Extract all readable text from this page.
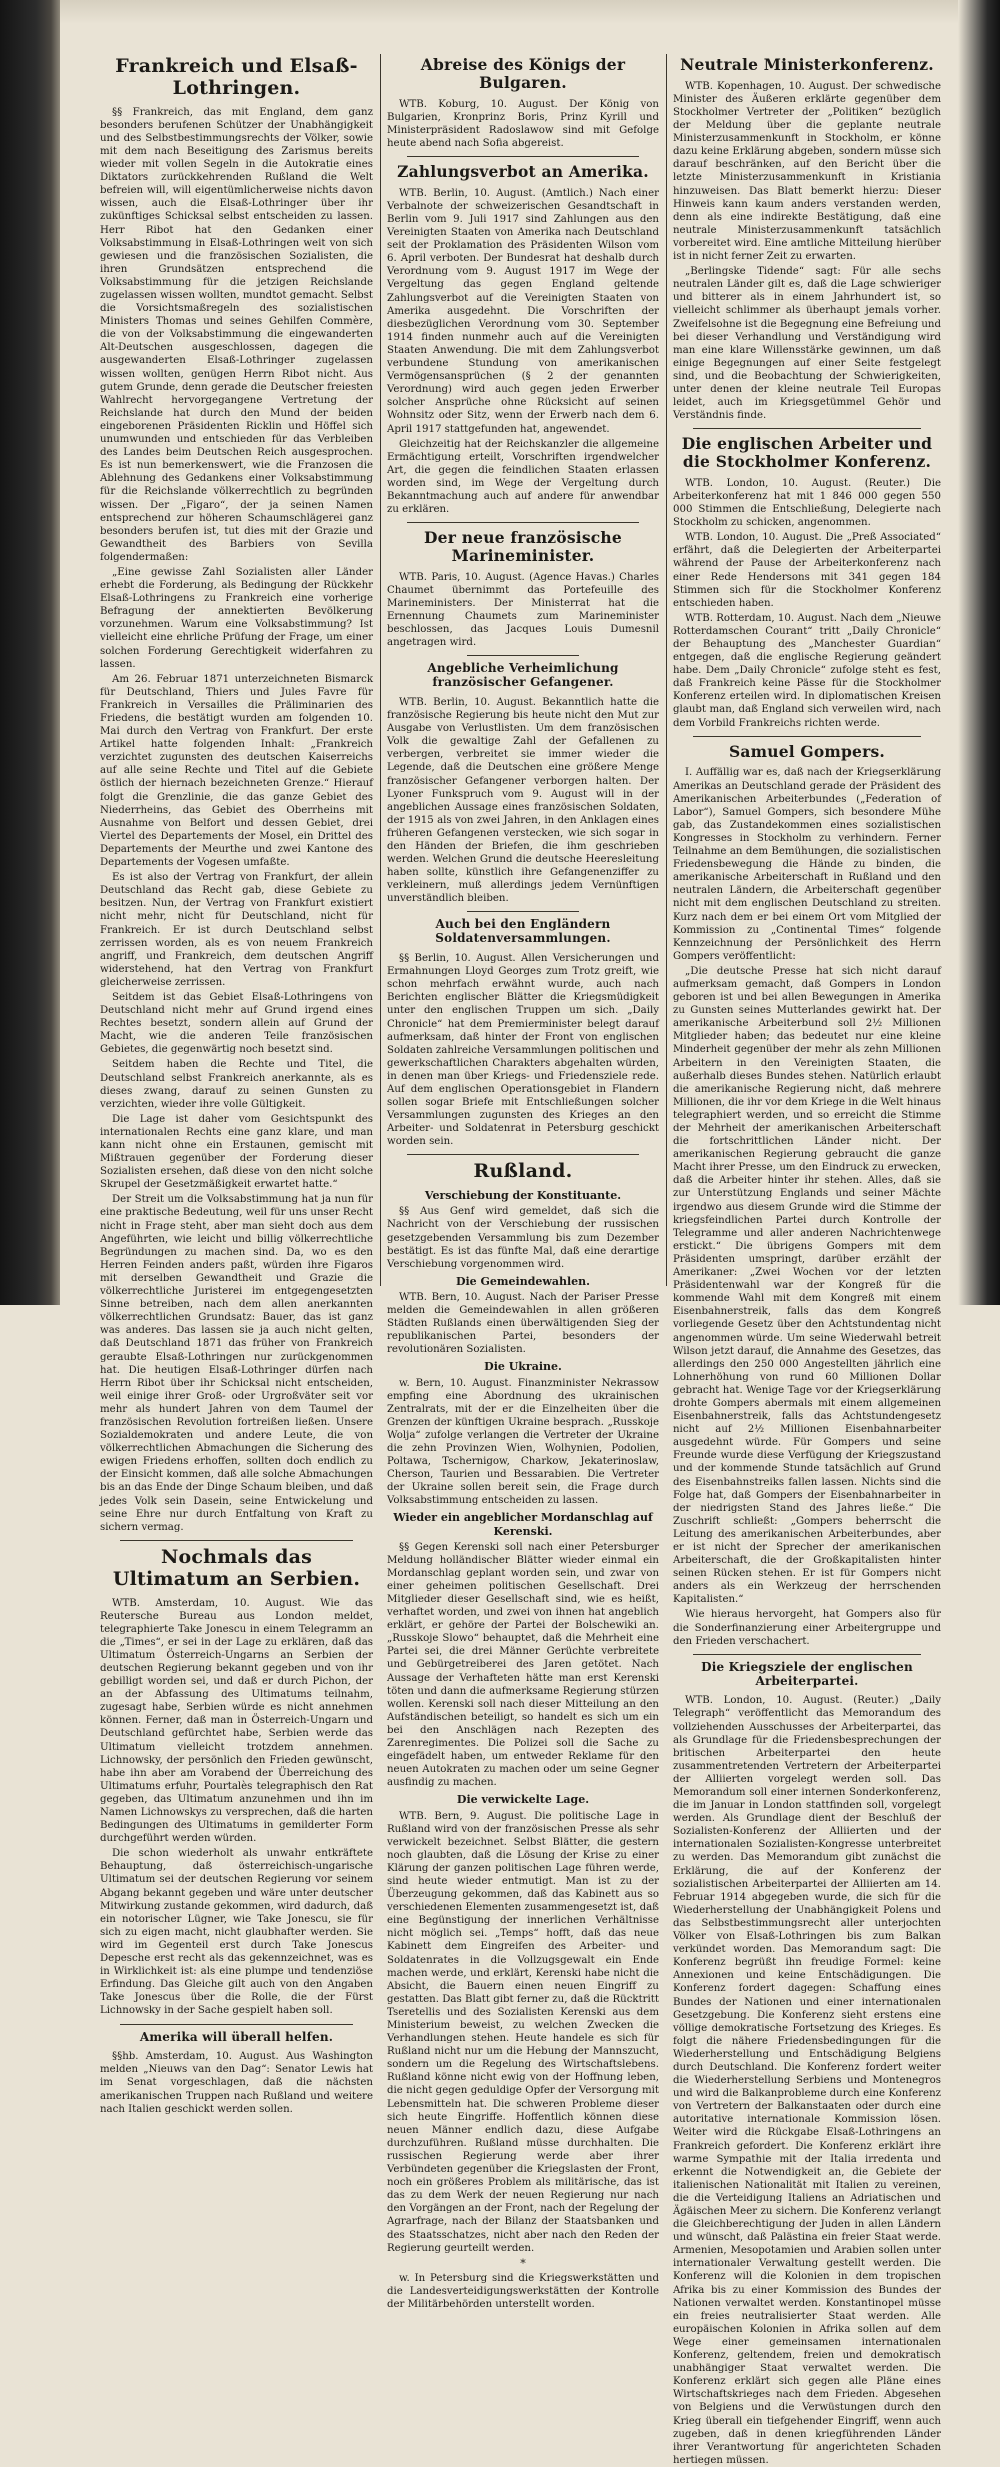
Frankreich und Elsaß-Lothringen.

§§ Frankreich, das mit England, dem ganz besonders berufenen Schützer der Unabhängigkeit und des Selbstbestimmungsrechts der Völker, sowie mit dem nach Beseitigung des Zarismus bereits wieder mit vollen Segeln in die Autokratie eines Diktators zurückkehrenden Rußland die Welt befreien will, will eigentümlicherweise nichts davon wissen, auch die Elsaß-Lothringer über ihr zukünftiges Schicksal selbst entscheiden zu lassen. Herr Ribot hat den Gedanken einer Volksabstimmung in Elsaß-Lothringen weit von sich gewiesen und die französischen Sozialisten, die ihren Grundsätzen entsprechend die Volksabstimmung für die jetzigen Reichslande zugelassen wissen wollten, mundtot gemacht. Selbst die Vorsichtsmaßregeln des sozialistischen Ministers Thomas und seines Gehilfen Commère, die von der Volksabstimmung die eingewanderten Alt-Deutschen ausgeschlossen, dagegen die ausgewanderten Elsaß-Lothringer zugelassen wissen wollten, genügen Herrn Ribot nicht. Aus gutem Grunde, denn gerade die Deutscher freiesten Wahlrecht hervorgegangene Vertretung der Reichslande hat durch den Mund der beiden eingeborenen Präsidenten Ricklin und Höffel sich unumwunden und entschieden für das Verbleiben des Landes beim Deutschen Reich ausgesprochen. Es ist nun bemerkenswert, wie die Franzosen die Ablehnung des Gedankens einer Volksabstimmung für die Reichslande völkerrechtlich zu begründen wissen. Der „Figaro“, der ja seinen Namen entsprechend zur höheren Schaumschlägerei ganz besonders berufen ist, tut dies mit der Grazie und Gewandtheit des Barbiers von Sevilla folgendermaßen:

„Eine gewisse Zahl Sozialisten aller Länder erhebt die Forderung, als Bedingung der Rückkehr Elsaß-Lothringens zu Frankreich eine vorherige Befragung der annektierten Bevölkerung vorzunehmen. Warum eine Volksabstimmung? Ist vielleicht eine ehrliche Prüfung der Frage, um einer solchen Forderung Gerechtigkeit widerfahren zu lassen.

Am 26. Februar 1871 unterzeichneten Bismarck für Deutschland, Thiers und Jules Favre für Frankreich in Versailles die Präliminarien des Friedens, die bestätigt wurden am folgenden 10. Mai durch den Vertrag von Frankfurt. Der erste Artikel hatte folgenden Inhalt: „Frankreich verzichtet zugunsten des deutschen Kaiserreichs auf alle seine Rechte und Titel auf die Gebiete östlich der hiernach bezeichneten Grenze.“ Hierauf folgt die Grenzlinie, die das ganze Gebiet des Niederrheins, das Gebiet des Oberrheins mit Ausnahme von Belfort und dessen Gebiet, drei Viertel des Departements der Mosel, ein Drittel des Departements der Meurthe und zwei Kantone des Departements der Vogesen umfaßte.

Es ist also der Vertrag von Frankfurt, der allein Deutschland das Recht gab, diese Gebiete zu besitzen. Nun, der Vertrag von Frankfurt existiert nicht mehr, nicht für Deutschland, nicht für Frankreich. Er ist durch Deutschland selbst zerrissen worden, als es von neuem Frankreich angriff, und Frankreich, dem deutschen Angriff widerstehend, hat den Vertrag von Frankfurt gleicherweise zerrissen.

Seitdem ist das Gebiet Elsaß-Lothringens von Deutschland nicht mehr auf Grund irgend eines Rechtes besetzt, sondern allein auf Grund der Macht, wie die anderen Teile französischen Gebietes, die gegenwärtig noch besetzt sind.

Seitdem haben die Rechte und Titel, die Deutschland selbst Frankreich anerkannte, als es dieses zwang, darauf zu seinen Gunsten zu verzichten, wieder ihre volle Gültigkeit.

Die Lage ist daher vom Gesichtspunkt des internationalen Rechts eine ganz klare, und man kann nicht ohne ein Erstaunen, gemischt mit Mißtrauen gegenüber der Forderung dieser Sozialisten ersehen, daß diese von den nicht solche Skrupel der Gesetzmäßigkeit erwartet hatte.“

Der Streit um die Volksabstimmung hat ja nun für eine praktische Bedeutung, weil für uns unser Recht nicht in Frage steht, aber man sieht doch aus dem Angeführten, wie leicht und billig völkerrechtliche Begründungen zu machen sind. Da, wo es den Herren Feinden anders paßt, würden ihre Figaros mit derselben Gewandtheit und Grazie die völkerrechtliche Juristerei im entgegengesetzten Sinne betreiben, nach dem allen anerkannten völkerrechtlichen Grundsatz: Bauer, das ist ganz was anderes. Das lassen sie ja auch nicht gelten, daß Deutschland 1871 das früher von Frankreich geraubte Elsaß-Lothringen nur zurückgenommen hat. Die heutigen Elsaß-Lothringer dürfen nach Herrn Ribot über ihr Schicksal nicht entscheiden, weil einige ihrer Groß- oder Urgroßväter seit vor mehr als hundert Jahren von dem Taumel der französischen Revolution fortreißen ließen. Unsere Sozialdemokraten und andere Leute, die von völkerrechtlichen Abmachungen die Sicherung des ewigen Friedens erhoffen, sollten doch endlich zu der Einsicht kommen, daß alle solche Abmachungen bis an das Ende der Dinge Schaum bleiben, und daß jedes Volk sein Dasein, seine Entwickelung und seine Ehre nur durch Entfaltung von Kraft zu sichern vermag.

Nochmals das Ultimatum an Serbien.

WTB. Amsterdam, 10. August. Wie das Reutersche Bureau aus London meldet, telegraphierte Take Jonescu in einem Telegramm an die „Times“, er sei in der Lage zu erklären, daß das Ultimatum Österreich-Ungarns an Serbien der deutschen Regierung bekannt gegeben und von ihr gebilligt worden sei, und daß er durch Pichon, der an der Abfassung des Ultimatums teilnahm, zugesagt habe, Serbien würde es nicht annehmen können. Ferner, daß man in Österreich-Ungarn und Deutschland gefürchtet habe, Serbien werde das Ultimatum vielleicht trotzdem annehmen. Lichnowsky, der persönlich den Frieden gewünscht, habe ihn aber am Vorabend der Überreichung des Ultimatums erfuhr, Pourtalès telegraphisch den Rat gegeben, das Ultimatum anzunehmen und ihn im Namen Lichnowskys zu versprechen, daß die harten Bedingungen des Ultimatums in gemilderter Form durchgeführt werden würden.

Die schon wiederholt als unwahr entkräftete Behauptung, daß österreichisch-ungarische Ultimatum sei der deutschen Regierung vor seinem Abgang bekannt gegeben und wäre unter deutscher Mitwirkung zustande gekommen, wird dadurch, daß ein notorischer Lügner, wie Take Jonescu, sie für sich zu eigen macht, nicht glaubhafter werden. Sie wird im Gegenteil erst durch Take Jonescus Depesche erst recht als das gekennzeichnet, was es in Wirklichkeit ist: als eine plumpe und tendenziöse Erfindung. Das Gleiche gilt auch von den Angaben Take Jonescus über die Rolle, die der Fürst Lichnowsky in der Sache gespielt haben soll.

Amerika will überall helfen.

§§hb. Amsterdam, 10. August. Aus Washington melden „Nieuws van den Dag“: Senator Lewis hat im Senat vorgeschlagen, daß die nächsten amerikanischen Truppen nach Rußland und weitere nach Italien geschickt werden sollen.

Abreise des Königs der Bulgaren.

WTB. Koburg, 10. August. Der König von Bulgarien, Kronprinz Boris, Prinz Kyrill und Ministerpräsident Radoslawow sind mit Gefolge heute abend nach Sofia abgereist.

Zahlungsverbot an Amerika.

WTB. Berlin, 10. August. (Amtlich.) Nach einer Verbalnote der schweizerischen Gesandtschaft in Berlin vom 9. Juli 1917 sind Zahlungen aus den Vereinigten Staaten von Amerika nach Deutschland seit der Proklamation des Präsidenten Wilson vom 6. April verboten. Der Bundesrat hat deshalb durch Verordnung vom 9. August 1917 im Wege der Vergeltung das gegen England geltende Zahlungsverbot auf die Vereinigten Staaten von Amerika ausgedehnt. Die Vorschriften der diesbezüglichen Verordnung vom 30. September 1914 finden nunmehr auch auf die Vereinigten Staaten Anwendung. Die mit dem Zahlungsverbot verbundene Stundung von amerikanischen Vermögensansprüchen (§ 2 der genannten Verordnung) wird auch gegen jeden Erwerber solcher Ansprüche ohne Rücksicht auf seinen Wohnsitz oder Sitz, wenn der Erwerb nach dem 6. April 1917 stattgefunden hat, angewendet.

Gleichzeitig hat der Reichskanzler die allgemeine Ermächtigung erteilt, Vorschriften irgendwelcher Art, die gegen die feindlichen Staaten erlassen worden sind, im Wege der Vergeltung durch Bekanntmachung auch auf andere für anwendbar zu erklären.

Der neue französische Marineminister.

WTB. Paris, 10. August. (Agence Havas.) Charles Chaumet übernimmt das Portefeuille des Marineministers. Der Ministerrat hat die Ernennung Chaumets zum Marineminister beschlossen, das Jacques Louis Dumesnil angetragen wird.

Angebliche Verheimlichung französischer Gefangener.

WTB. Berlin, 10. August. Bekanntlich hatte die französische Regierung bis heute nicht den Mut zur Ausgabe von Verlustlisten. Um dem französischen Volk die gewaltige Zahl der Gefallenen zu verbergen, verbreitet sie immer wieder die Legende, daß die Deutschen eine größere Menge französischer Gefangener verborgen halten. Der Lyoner Funkspruch vom 9. August will in der angeblichen Aussage eines französischen Soldaten, der 1915 als von zwei Jahren, in den Anklagen eines früheren Gefangenen verstecken, wie sich sogar in den Händen der Briefen, die ihm geschrieben werden. Welchen Grund die deutsche Heeresleitung haben sollte, künstlich ihre Gefangenenziffer zu verkleinern, muß allerdings jedem Vernünftigen unverständlich bleiben.

Auch bei den Engländern Soldatenversammlungen.

§§ Berlin, 10. August. Allen Versicherungen und Ermahnungen Lloyd Georges zum Trotz greift, wie schon mehrfach erwähnt wurde, auch nach Berichten englischer Blätter die Kriegsmüdigkeit unter den englischen Truppen um sich. „Daily Chronicle“ hat dem Premierminister belegt darauf aufmerksam, daß hinter der Front von englischen Soldaten zahlreiche Versammlungen politischen und gewerkschaftlichen Charakters abgehalten würden, in denen man über Kriegs- und Friedensziele rede. Auf dem englischen Operationsgebiet in Flandern sollen sogar Briefe mit Entschließungen solcher Versammlungen zugunsten des Krieges an den Arbeiter- und Soldatenrat in Petersburg geschickt worden sein.

Rußland.
Verschiebung der Konstituante.

§§ Aus Genf wird gemeldet, daß sich die Nachricht von der Verschiebung der russischen gesetzgebenden Versammlung bis zum Dezember bestätigt. Es ist das fünfte Mal, daß eine derartige Verschiebung vorgenommen wird.

Die Gemeindewahlen.

WTB. Bern, 10. August. Nach der Pariser Presse melden die Gemeindewahlen in allen größeren Städten Rußlands einen überwältigenden Sieg der republikanischen Partei, besonders der revolutionären Sozialisten.

Die Ukraine.

w. Bern, 10. August. Finanzminister Nekrassow empfing eine Abordnung des ukrainischen Zentralrats, mit der er die Einzelheiten über die Grenzen der künftigen Ukraine besprach. „Russkoje Wolja“ zufolge verlangen die Vertreter der Ukraine die zehn Provinzen Wien, Wolhynien, Podolien, Poltawa, Tschernigow, Charkow, Jekaterinoslaw, Cherson, Taurien und Bessarabien. Die Vertreter der Ukraine sollen bereit sein, die Frage durch Volksabstimmung entscheiden zu lassen.

Wieder ein angeblicher Mordanschlag auf Kerenski.

§§ Gegen Kerenski soll nach einer Petersburger Meldung holländischer Blätter wieder einmal ein Mordanschlag geplant worden sein, und zwar von einer geheimen politischen Gesellschaft. Drei Mitglieder dieser Gesellschaft sind, wie es heißt, verhaftet worden, und zwei von ihnen hat angeblich erklärt, er gehöre der Partei der Bolschewiki an. „Russkoje Slowo“ behauptet, daß die Mehrheit eine Partei sei, die drei Männer Gerüchte verbreitete und Gebürgetreiberei des Jaren getötet. Nach Aussage der Verhafteten hätte man erst Kerenski töten und dann die aufmerksame Regierung stürzen wollen. Kerenski soll nach dieser Mitteilung an den Aufständischen beteiligt, so handelt es sich um ein bei den Anschlägen nach Rezepten des Zarenregimentes. Die Polizei soll die Sache zu eingefädelt haben, um entweder Reklame für den neuen Autokraten zu machen oder um seine Gegner ausfindig zu machen.

Die verwickelte Lage.

WTB. Bern, 9. August. Die politische Lage in Rußland wird von der französischen Presse als sehr verwickelt bezeichnet. Selbst Blätter, die gestern noch glaubten, daß die Lösung der Krise zu einer Klärung der ganzen politischen Lage führen werde, sind heute wieder entmutigt. Man ist zu der Überzeugung gekommen, daß das Kabinett aus so verschiedenen Elementen zusammengesetzt ist, daß eine Begünstigung der innerlichen Verhältnisse nicht möglich sei. „Temps“ hofft, daß das neue Kabinett dem Eingreifen des Arbeiter- und Soldatenrates in die Vollzugsgewalt ein Ende machen werde, und erklärt, Kerenski habe nicht die Absicht, die Bauern einen neuen Eingriff zu gestatten. Das Blatt gibt ferner zu, daß die Rücktritt Tseretellis und des Sozialisten Kerenski aus dem Ministerium beweist, zu welchen Zwecken die Verhandlungen stehen. Heute handele es sich für Rußland nicht nur um die Hebung der Mannszucht, sondern um die Regelung des Wirtschaftslebens. Rußland könne nicht ewig von der Hoffnung leben, die nicht gegen geduldige Opfer der Versorgung mit Lebensmitteln hat. Die schweren Probleme dieser sich heute Eingriffe. Hoffentlich können diese neuen Männer endlich dazu, diese Aufgabe durchzuführen. Rußland müsse durchhalten. Die russischen Regierung werde aber ihrer Verbündeten gegenüber die Kriegslasten der Front, noch ein größeres Problem als militärische, das ist das zu dem Werk der neuen Regierung nur nach den Vorgängen an der Front, nach der Regelung der Agrarfrage, nach der Bilanz der Staatsbanken und des Staatsschatzes, nicht aber nach den Reden der Regierung geurteilt werden.

*

w. In Petersburg sind die Kriegswerkstätten und die Landesverteidigungswerkstätten der Kontrolle der Militärbehörden unterstellt worden.

Neutrale Ministerkonferenz.

WTB. Kopenhagen, 10. August. Der schwedische Minister des Äußeren erklärte gegenüber dem Stockholmer Vertreter der „Politiken“ bezüglich der Meldung über die geplante neutrale Ministerzusammenkunft in Stockholm, er könne dazu keine Erklärung abgeben, sondern müsse sich darauf beschränken, auf den Bericht über die letzte Ministerzusammenkunft in Kristiania hinzuweisen. Das Blatt bemerkt hierzu: Dieser Hinweis kann kaum anders verstanden werden, denn als eine indirekte Bestätigung, daß eine neutrale Ministerzusammenkunft tatsächlich vorbereitet wird. Eine amtliche Mitteilung hierüber ist in nicht ferner Zeit zu erwarten.

„Berlingske Tidende“ sagt: Für alle sechs neutralen Länder gilt es, daß die Lage schwieriger und bitterer als in einem Jahrhundert ist, so vielleicht schlimmer als überhaupt jemals vorher. Zweifelsohne ist die Begegnung eine Befreiung und bei dieser Verhandlung und Verständigung wird man eine klare Willensstärke gewinnen, um daß einige Begegnungen auf einer Seite festgelegt sind, und die Beobachtung der Schwierigkeiten, unter denen der kleine neutrale Teil Europas leidet, auch im Kriegsgetümmel Gehör und Verständnis finde.

Die englischen Arbeiter und die Stockholmer Konferenz.

WTB. London, 10. August. (Reuter.) Die Arbeiterkonferenz hat mit 1 846 000 gegen 550 000 Stimmen die Entschließung, Delegierte nach Stockholm zu schicken, angenommen.

WTB. London, 10. August. Die „Preß Associated“ erfährt, daß die Delegierten der Arbeiterpartei während der Pause der Arbeiterkonferenz nach einer Rede Hendersons mit 341 gegen 184 Stimmen sich für die Stockholmer Konferenz entschieden haben.

WTB. Rotterdam, 10. August. Nach dem „Nieuwe Rotterdamschen Courant“ tritt „Daily Chronicle“ der Behauptung des „Manchester Guardian“ entgegen, daß die englische Regierung geändert habe. Dem „Daily Chronicle“ zufolge steht es fest, daß Frankreich keine Pässe für die Stockholmer Konferenz erteilen wird. In diplomatischen Kreisen glaubt man, daß England sich verweilen wird, nach dem Vorbild Frankreichs richten werde.

Samuel Gompers.

I. Auffällig war es, daß nach der Kriegserklärung Amerikas an Deutschland gerade der Präsident des Amerikanischen Arbeiterbundes („Federation of Labor“), Samuel Gompers, sich besondere Mühe gab, das Zustandekommen eines sozialistischen Kongresses in Stockholm zu verhindern. Ferner Teilnahme an dem Bemühungen, die sozialistischen Friedensbewegung die Hände zu binden, die amerikanische Arbeiterschaft in Rußland und den neutralen Ländern, die Arbeiterschaft gegenüber nicht mit dem englischen Deutschland zu streiten. Kurz nach dem er bei einem Ort vom Mitglied der Kommission zu „Continental Times“ folgende Kennzeichnung der Persönlichkeit des Herrn Gompers veröffentlicht:

„Die deutsche Presse hat sich nicht darauf aufmerksam gemacht, daß Gompers in London geboren ist und bei allen Bewegungen in Amerika zu Gunsten seines Mutterlandes gewirkt hat. Der amerikanische Arbeiterbund soll 2½ Millionen Mitglieder haben; das bedeutet nur eine kleine Minderheit gegenüber der mehr als zehn Millionen Arbeitern in den Vereinigten Staaten, die außerhalb dieses Bundes stehen. Natürlich erlaubt die amerikanische Regierung nicht, daß mehrere Millionen, die ihr vor dem Kriege in die Welt hinaus telegraphiert werden, und so erreicht die Stimme der Mehrheit der amerikanischen Arbeiterschaft die fortschrittlichen Länder nicht. Der amerikanischen Regierung gebraucht die ganze Macht ihrer Presse, um den Eindruck zu erwecken, daß die Arbeiter hinter ihr stehen. Alles, daß sie zur Unterstützung Englands und seiner Mächte irgendwo aus diesem Grunde wird die Stimme der kriegsfeindlichen Partei durch Kontrolle der Telegramme und aller anderen Nachrichtenwege erstickt.“ Die übrigens Gompers mit dem Präsidenten umspringt, darüber erzählt der Amerikaner: „Zwei Wochen vor der letzten Präsidentenwahl war der Kongreß für die kommende Wahl mit dem Kongreß mit einem Eisenbahnerstreik, falls das dem Kongreß vorliegende Gesetz über den Achtstundentag nicht angenommen würde. Um seine Wiederwahl betreit Wilson jetzt darauf, die Annahme des Gesetzes, das allerdings den 250 000 Angestellten jährlich eine Lohnerhöhung von rund 60 Millionen Dollar gebracht hat. Wenige Tage vor der Kriegserklärung drohte Gompers abermals mit einem allgemeinen Eisenbahnerstreik, falls das Achtstundengesetz nicht auf 2½ Millionen Eisenbahnarbeiter ausgedehnt würde. Für Gompers und seine Freunde wurde diese Verfügung der Kriegszustand und der kommende Stunde tatsächlich auf Grund des Eisenbahnstreiks fallen lassen. Nichts sind die Folge hat, daß Gompers der Eisenbahnarbeiter in der niedrigsten Stand des Jahres ließe.“ Die Zuschrift schließt: „Gompers beherrscht die Leitung des amerikanischen Arbeiterbundes, aber er ist nicht der Sprecher der amerikanischen Arbeiterschaft, die der Großkapitalisten hinter seinen Rücken stehen. Er ist für Gompers nicht anders als ein Werkzeug der herrschenden Kapitalisten.“

Wie hieraus hervorgeht, hat Gompers also für die Sonderfinanzierung einer Arbeitergruppe und den Frieden verschachert.

Die Kriegsziele der englischen Arbeiterpartei.

WTB. London, 10. August. (Reuter.) „Daily Telegraph“ veröffentlicht das Memorandum des vollziehenden Ausschusses der Arbeiterpartei, das als Grundlage für die Friedensbesprechungen der britischen Arbeiterpartei den heute zusammentretenden Vertretern der Arbeiterpartei der Alliierten vorgelegt werden soll. Das Memorandum soll einer internen Sonderkonferenz, die im Januar in London stattfinden soll, vorgelegt werden. Als Grundlage dient der Beschluß der Sozialisten-Konferenz der Alliierten und der internationalen Sozialisten-Kongresse unterbreitet zu werden. Das Memorandum gibt zunächst die Erklärung, die auf der Konferenz der sozialistischen Arbeiterpartei der Alliierten am 14. Februar 1914 abgegeben wurde, die sich für die Wiederherstellung der Unabhängigkeit Polens und das Selbstbestimmungsrecht aller unterjochten Völker von Elsaß-Lothringen bis zum Balkan verkündet worden. Das Memorandum sagt: Die Konferenz begrüßt ihn freudige Formel: keine Annexionen und keine Entschädigungen. Die Konferenz fordert dagegen: Schaffung eines Bundes der Nationen und einer internationalen Gesetzgebung. Die Konferenz sieht erstens eine völlige demokratische Fortsetzung des Krieges. Es folgt die nähere Friedensbedingungen für die Wiederherstellung und Entschädigung Belgiens durch Deutschland. Die Konferenz fordert weiter die Wiederherstellung Serbiens und Montenegros und wird die Balkanprobleme durch eine Konferenz von Vertretern der Balkanstaaten oder durch eine autoritative internationale Kommission lösen. Weiter wird die Rückgabe Elsaß-Lothringens an Frankreich gefordert. Die Konferenz erklärt ihre warme Sympathie mit der Italia irredenta und erkennt die Notwendigkeit an, die Gebiete der italienischen Nationalität mit Italien zu vereinen, die die Verteidigung Italiens an Adriatischen und Ägäischen Meer zu sichern. Die Konferenz verlangt die Gleichberechtigung der Juden in allen Ländern und wünscht, daß Palästina ein freier Staat werde. Armenien, Mesopotamien und Arabien sollen unter internationaler Verwaltung gestellt werden. Die Konferenz will die Kolonien in dem tropischen Afrika bis zu einer Kommission des Bundes der Nationen verwaltet werden. Konstantinopel müsse ein freies neutralisierter Staat werden. Alle europäischen Kolonien in Afrika sollen auf dem Wege einer gemeinsamen internationalen Konferenz, geltendem, freien und demokratisch unabhängiger Staat verwaltet werden. Die Konferenz erklärt sich gegen alle Pläne eines Wirtschaftskrieges nach dem Frieden. Abgesehen von Belgiens und die Verwüstungen durch den Krieg überall ein tiefgehender Eingriff, wenn auch zugeben, daß in denen kriegführenden Länder ihrer Verantwortung für angerichteten Schaden hertiegen müssen.
